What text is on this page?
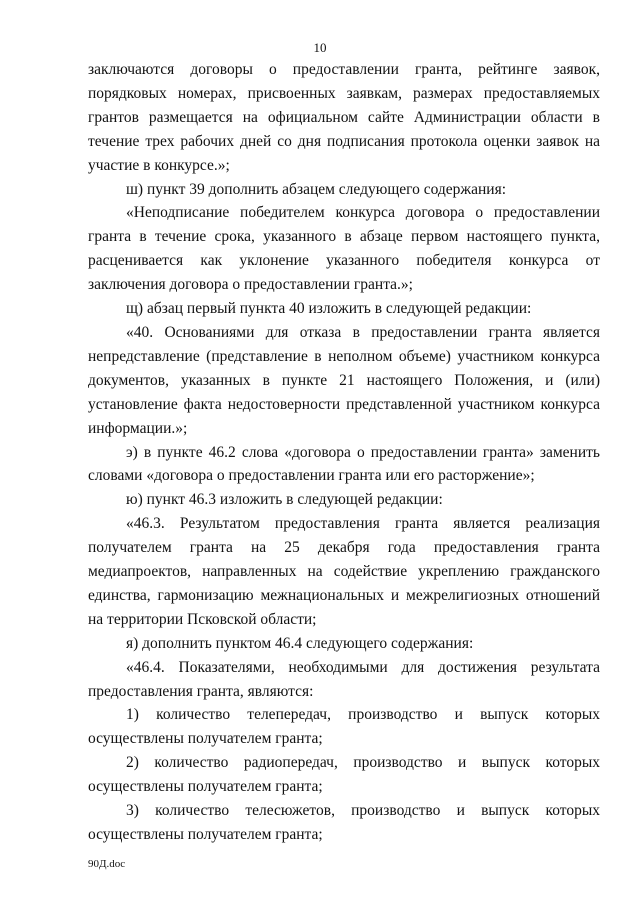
10

заключаются договоры о предоставлении гранта, рейтинге заявок, порядковых номерах, присвоенных заявкам, размерах предоставляемых грантов размещается на официальном сайте Администрации области в течение трех рабочих дней со дня подписания протокола оценки заявок на участие в конкурсе.»;

ш) пункт 39 дополнить абзацем следующего содержания:

«Неподписание победителем конкурса договора о предоставлении гранта в течение срока, указанного в абзаце первом настоящего пункта, расценивается как уклонение указанного победителя конкурса от заключения договора о предоставлении гранта.»;

щ) абзац первый пункта 40 изложить в следующей редакции:

«40. Основаниями для отказа в предоставлении гранта является непредставление (представление в неполном объеме) участником конкурса документов, указанных в пункте 21 настоящего Положения, и (или) установление факта недостоверности представленной участником конкурса информации.»;

э) в пункте 46.2 слова «договора о предоставлении гранта» заменить словами «договора о предоставлении гранта или его расторжение»;

ю) пункт 46.3 изложить в следующей редакции:

«46.3. Результатом предоставления гранта является реализация получателем гранта на 25 декабря года предоставления гранта медиапроектов, направленных на содействие укреплению гражданского единства, гармонизацию межнациональных и межрелигиозных отношений на территории Псковской области;

я) дополнить пунктом 46.4 следующего содержания:

«46.4. Показателями, необходимыми для достижения результата предоставления гранта, являются:

1) количество телепередач, производство и выпуск которых осуществлены получателем гранта;

2) количество радиопередач, производство и выпуск которых осуществлены получателем гранта;

3) количество телесюжетов, производство и выпуск которых осуществлены получателем гранта;

90Д.doc
